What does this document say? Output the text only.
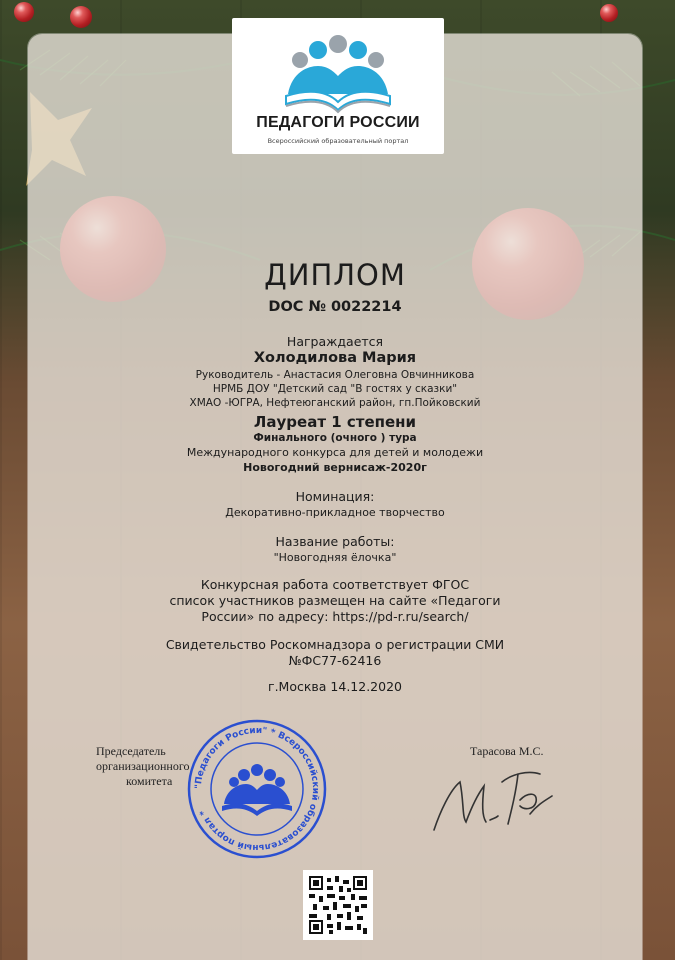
ПЕДАГОГИ РОССИИ
Всероссийский образовательный портал
ДИПЛОМ
DOC № 0022214
Награждается
Холодилова Мария
Руководитель - Анастасия Олеговна Овчинникова
НРМБ ДОУ "Детский сад "В гостях у сказки"
ХМАО -ЮГРА, Нефтеюганский район, гп.Пойковский
Лауреат 1 степени
Финального (очного ) тура
Международного конкурса для детей и молодежи
Новогодний вернисаж-2020г
Номинация:
Декоративно-прикладное творчество
Название работы:
"Новогодняя ёлочка"
Конкурсная работа соответствует ФГОС
список участников размещен на сайте «Педагоги
России» по адресу: https://pd-r.ru/search/
Свидетельство Роскомнадзора о регистрации СМИ
№ФС77-62416
г.Москва 14.12.2020
Председатель
организационного
комитета
Тарасова М.С.
"Педагоги России" * Всероссийский образовательный портал *
